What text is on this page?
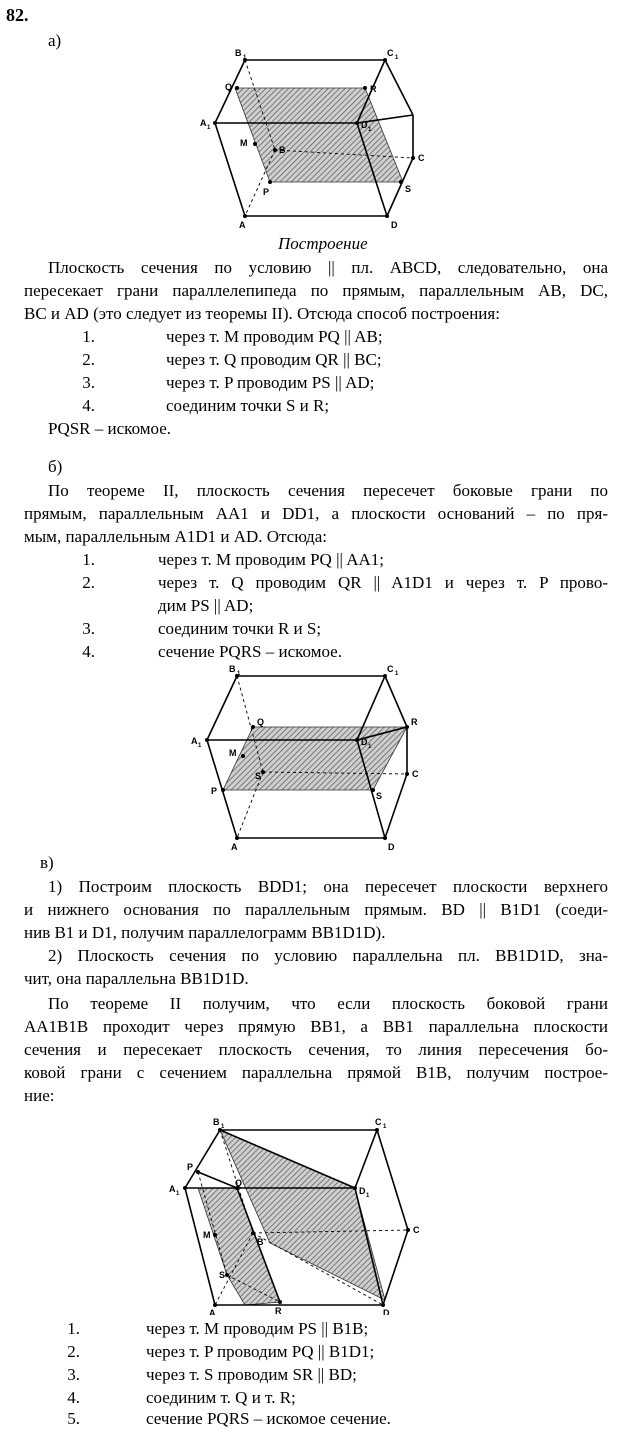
82.
а)
B 1	C 1
Q	R
A 1	D 1
M
B
C
P	S
A	D
Построение
Плоскость сечения по условию || пл. ABCD, следовательно, она
пересекает грани параллелепипеда по прямым, параллельным AB, DC,
BC и AD (это следует из теоремы II). Отсюда способ построения:
1.	через т. M проводим PQ || AB;
2.	через т. Q проводим QR || BC;
3.	через т. P проводим PS || AD;
4.	соединим точки S и R;
PQSR – искомое.
б)
По теореме II, плоскость сечения пересечет боковые грани по
прямым, параллельным AA1 и DD1, а плоскости оснований – по пря-
мым, параллельным A1D1 и AD. Отсюда:
1.	через т. M проводим PQ || AA1;
2.	через т. Q проводим QR || A1D1 и через т. P прово-
дим PS || AD;
3.	соединим точки R и S;
4.	сечение PQRS – искомое.
B 1	C 1
Q	R
A 1	D 1
M
S	C
P	S
A	D
в)
1) Построим плоскость BDD1; она пересечет плоскости верхнего
и нижнего основания по параллельным прямым. BD || B1D1 (соеди-
нив B1 и D1, получим параллелограмм BB1D1D).
2) Плоскость сечения по условию параллельна пл. BB1D1D, зна-
чит, она параллельна BB1D1D.
По теореме II получим, что если плоскость боковой грани
AA1B1B проходит через прямую BB1, а BB1 параллельна плоскости
сечения и пересекает плоскость сечения, то линия пересечения бо-
ковой грани с сечением параллельна прямой B1B, получим построе-
ние:
B 1	C 1
P
Q
A 1	D 1
M
B
C
S
A	R	D
1.	через т. M проводим PS || B1B;
2.	через т. P проводим PQ || B1D1;
3.	через т. S проводим SR || BD;
4.	соединим т. Q и т. R;
5.	сечение PQRS – искомое сечение.
